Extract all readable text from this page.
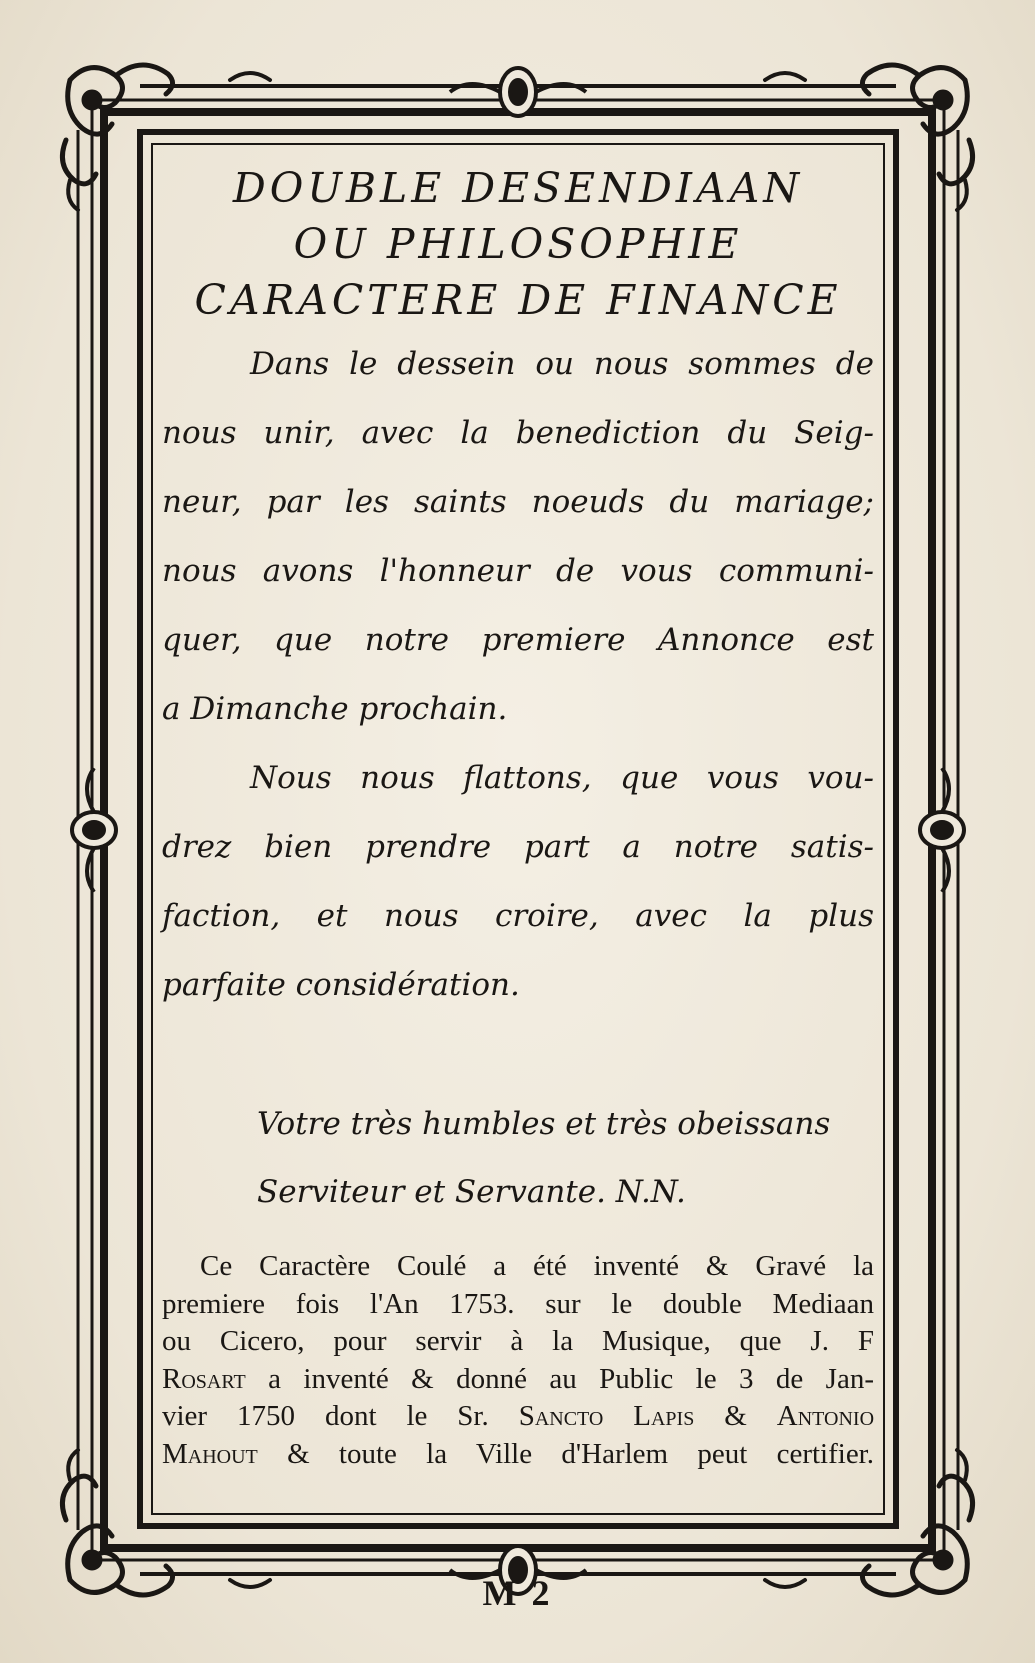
DOUBLE DESENDIAAN

OU PHILOSOPHIE

CARACTERE DE FINANCE

Dans le dessein ou nous sommes de

nous unir, avec la benediction du Seig-

neur, par les saints noeuds du mariage;

nous avons l'honneur de vous communi-

quer, que notre premiere Annonce est

a Dimanche prochain.

Nous nous flattons, que vous vou-

drez bien prendre part a notre satis-

faction, et nous croire, avec la plus

parfaite considération.

Votre très humbles et très obeissans

Serviteur et Servante. N.N.

Ce Caractère Coulé a été inventé & Gravé la

premiere fois l'An 1753. sur le double Mediaan

ou Cicero, pour servir à la Musique, que J. F

Rosart a inventé & donné au Public le 3 de Jan-

vier 1750 dont le Sr. Sancto Lapis & Antonio

Mahout & toute la Ville d'Harlem peut certifier.

M 2
